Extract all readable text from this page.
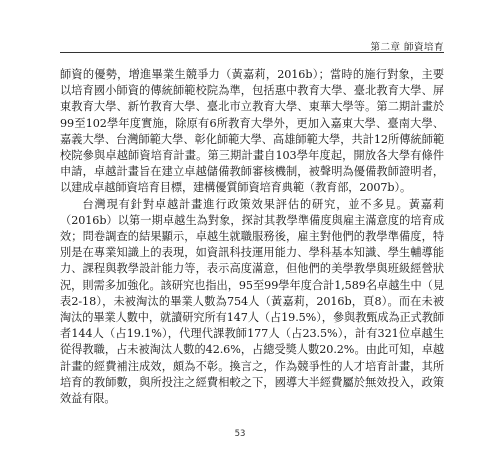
第二章 師資培育

師資的優勢，增進畢業生競爭力（黃嘉莉，2016b）；當時的施行對象，主要以培育國小師資的傳統師範校院為準，包括惠中教育大學、臺北教育大學、屏東教育大學、新竹教育大學、臺北市立教育大學、東華大學等。第二期計畫於99至102學年度實施，除原有6所教育大學外，更加入嘉東大學、臺南大學、嘉義大學、台灣師範大學、彰化師範大學、高雄師範大學，共計12所傳統師範校院參與卓越師資培育計畫。第三期計畫自103學年度起，開放各大學有條件申請，卓越計畫旨在建立卓越儲備教師審核機制，被聲明為優備教師證明者，以建成卓越師資培育目標，建構優質師資培育典範（教育部，2007b）。

台灣現有針對卓越計畫進行政策效果評估的研究，並不多見。黃嘉莉（2016b）以第一期卓越生為對象，探討其教學準備度與雇主滿意度的培育成效；問卷調查的結果顯示，卓越生就職服務後，雇主對他們的教學準備度，特別是在專業知識上的表現，如資訊科技運用能力、學科基本知識、學生輔導能力、課程與教學設計能力等，表示高度滿意，但他們的美學教學與班級經營狀況，則需多加強化。該研究也指出，95至99學年度合計1,589名卓越生中（見表2-18），未被淘汰的畢業人數為754人（黃嘉莉，2016b，頁8）。而在未被淘汰的畢業人數中，就讀研究所有147人（占19.5%），參與教甄成為正式教師者144人（占19.1%），代理代課教師177人（占23.5%），計有321位卓越生從得教職，占未被淘汰人數的42.6%，占總受獎人數20.2%。由此可知，卓越計畫的經費補注成效，頗為不彰。換言之，作為競爭性的人才培育計畫，其所培育的教師數，與所投注之經費相較之下，國導大半經費屬於無效投入，政策效益有限。

53
